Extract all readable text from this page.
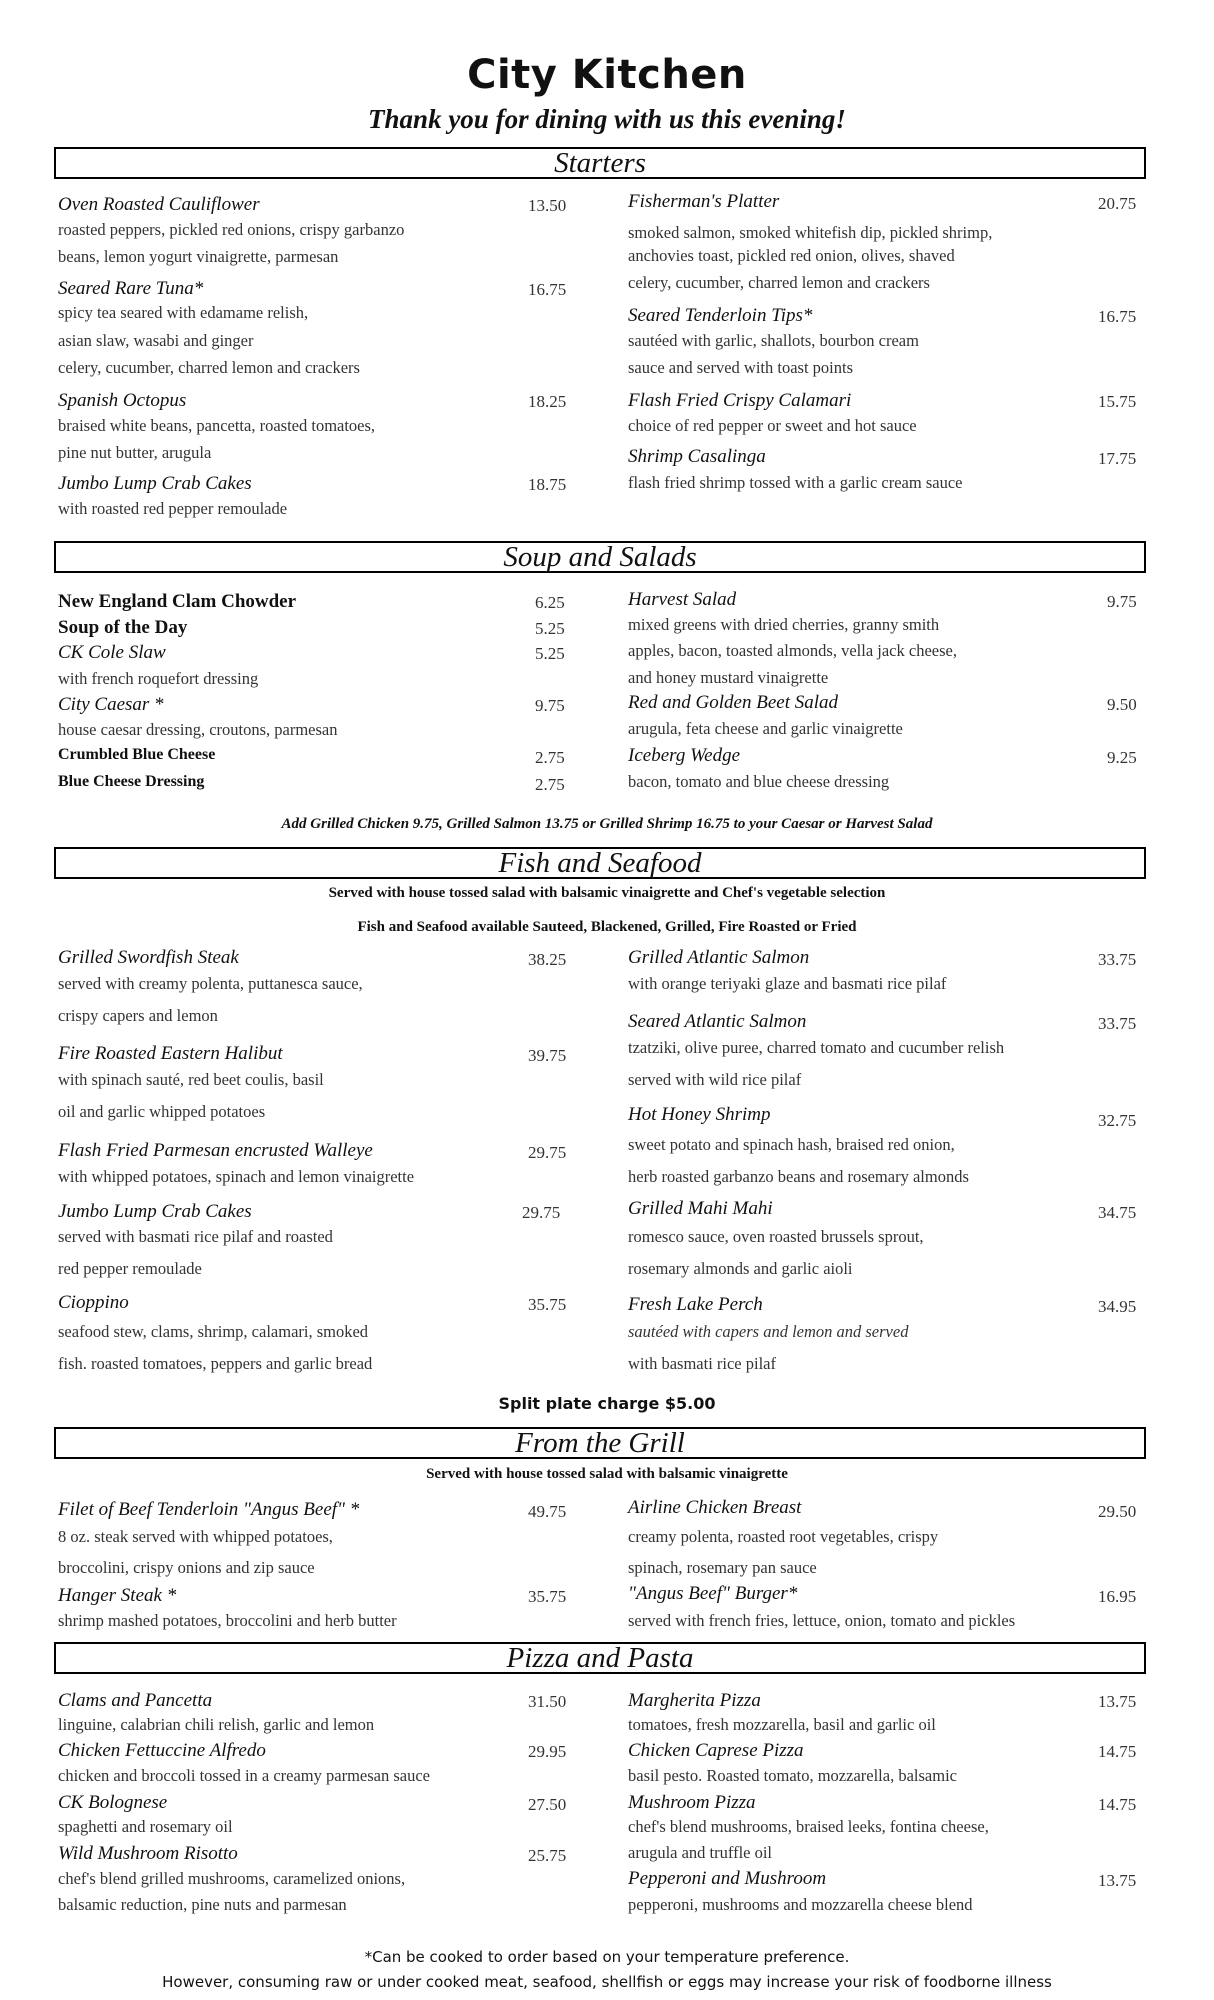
City Kitchen
Thank you for dining with us this evening!
Starters
Oven Roasted Cauliflower	13.50
roasted peppers, pickled red onions, crispy garbanzo
beans, lemon yogurt vinaigrette, parmesan
Seared Rare Tuna*	16.75
spicy tea seared with edamame relish,
asian slaw, wasabi and ginger
celery, cucumber, charred lemon and crackers
Spanish Octopus	18.25
braised white beans, pancetta, roasted tomatoes,
pine nut butter, arugula
Jumbo Lump Crab Cakes	18.75
with roasted red pepper remoulade
Fisherman's Platter	20.75
smoked salmon, smoked whitefish dip, pickled shrimp,
anchovies toast, pickled red onion, olives, shaved
celery, cucumber, charred lemon and crackers
Seared Tenderloin Tips*	16.75
sautéed with garlic, shallots, bourbon cream
sauce and served with toast points
Flash Fried Crispy Calamari	15.75
choice of red pepper or sweet and hot sauce
Shrimp Casalinga	17.75
flash fried shrimp tossed with a garlic cream sauce
Soup and Salads
New England Clam Chowder	6.25
Soup of the Day	5.25
CK Cole Slaw	5.25
with french roquefort dressing
City Caesar *	9.75
house caesar dressing, croutons, parmesan
Crumbled Blue Cheese	2.75
Blue Cheese Dressing	2.75
Harvest Salad	9.75
mixed greens with dried cherries, granny smith
apples, bacon, toasted almonds, vella jack cheese,
and honey mustard vinaigrette
Red and Golden Beet Salad	9.50
arugula, feta cheese and garlic vinaigrette
Iceberg Wedge	9.25
bacon, tomato and blue cheese dressing
Add Grilled Chicken 9.75, Grilled Salmon 13.75 or Grilled Shrimp 16.75 to your Caesar or Harvest Salad
Fish and Seafood
Served with house tossed salad with balsamic vinaigrette and Chef's vegetable selection
Fish and Seafood available Sauteed, Blackened, Grilled, Fire Roasted or Fried
Grilled Swordfish Steak	38.25
served with creamy polenta, puttanesca sauce,
crispy capers and lemon
Fire Roasted Eastern Halibut	39.75
with spinach sauté, red beet coulis, basil
oil and garlic whipped potatoes
Flash Fried Parmesan encrusted Walleye	29.75
with whipped potatoes, spinach and lemon vinaigrette
Jumbo Lump Crab Cakes	29.75
served with basmati rice pilaf and roasted
red pepper remoulade
Cioppino	35.75
seafood stew, clams, shrimp, calamari, smoked
fish. roasted tomatoes, peppers and garlic bread
Grilled Atlantic Salmon	33.75
with orange teriyaki glaze and basmati rice pilaf
Seared Atlantic Salmon	33.75
tzatziki, olive puree, charred tomato and cucumber relish
served with wild rice pilaf
Hot Honey Shrimp	32.75
sweet potato and spinach hash, braised red onion,
herb roasted garbanzo beans and rosemary almonds
Grilled Mahi Mahi	34.75
romesco sauce, oven roasted brussels sprout,
rosemary almonds and garlic aioli
Fresh Lake Perch	34.95
sautéed with capers and lemon and served
with basmati rice pilaf
Split plate charge $5.00
From the Grill
Served with house tossed salad with balsamic vinaigrette
Filet of Beef Tenderloin "Angus Beef" *	49.75
8 oz. steak served with whipped potatoes,
broccolini, crispy onions and zip sauce
Hanger Steak *	35.75
shrimp mashed potatoes, broccolini and herb butter
Airline Chicken Breast	29.50
creamy polenta, roasted root vegetables, crispy
spinach, rosemary pan sauce
"Angus Beef" Burger*	16.95
served with french fries, lettuce, onion, tomato and pickles
Pizza and Pasta
Clams and Pancetta	31.50
linguine, calabrian chili relish, garlic and lemon
Chicken Fettuccine Alfredo	29.95
chicken and broccoli tossed in a creamy parmesan sauce
CK Bolognese	27.50
spaghetti and rosemary oil
Wild Mushroom Risotto	25.75
chef's blend grilled mushrooms, caramelized onions,
balsamic reduction, pine nuts and parmesan
Margherita Pizza	13.75
tomatoes, fresh mozzarella, basil and garlic oil
Chicken Caprese Pizza	14.75
basil pesto. Roasted tomato, mozzarella, balsamic
Mushroom Pizza	14.75
chef's blend mushrooms, braised leeks, fontina cheese,
arugula and truffle oil
Pepperoni and Mushroom	13.75
pepperoni, mushrooms and mozzarella cheese blend
*Can be cooked to order based on your temperature preference.
However, consuming raw or under cooked meat, seafood, shellfish or eggs may increase your risk of foodborne illness
